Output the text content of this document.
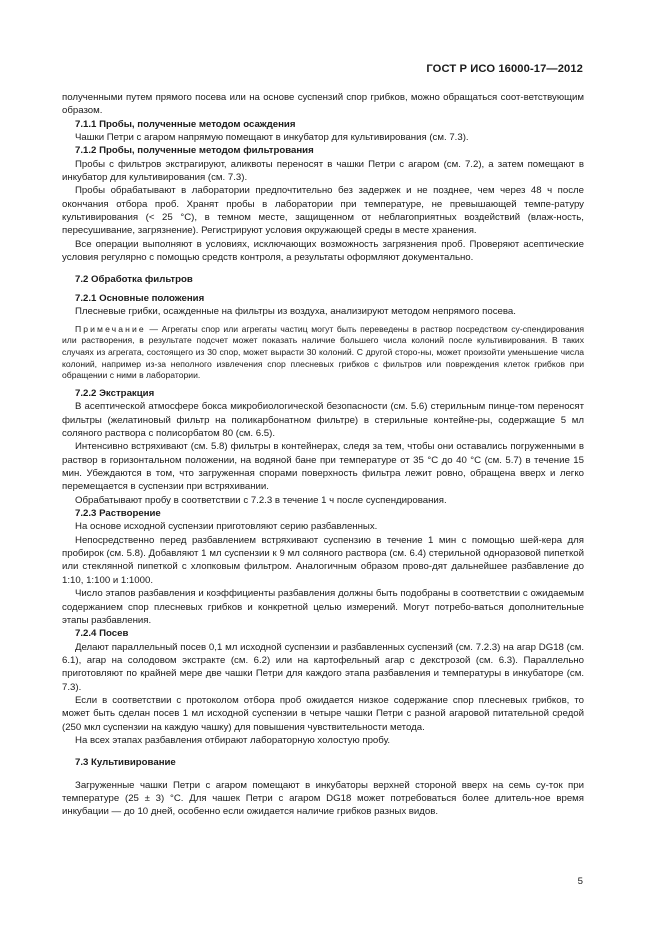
ГОСТ Р ИСО 16000-17—2012

полученными путем прямого посева или на основе суспензий спор грибков, можно обращаться соот-ветствующим образом.

7.1.1 Пробы, полученные методом осаждения

Чашки Петри с агаром напрямую помещают в инкубатор для культивирования (см. 7.3).

7.1.2 Пробы, полученные методом фильтрования

Пробы с фильтров экстрагируют, аликвоты переносят в чашки Петри с агаром (см. 7.2), а затем помещают в инкубатор для культивирования (см. 7.3).

Пробы обрабатывают в лаборатории предпочтительно без задержек и не позднее, чем через 48 ч после окончания отбора проб. Хранят пробы в лаборатории при температуре, не превышающей темпе-ратуру культивирования (< 25 °С), в темном месте, защищенном от неблагоприятных воздействий (влаж-ность, пересушивание, загрязнение). Регистрируют условия окружающей среды в месте хранения.

Все операции выполняют в условиях, исключающих возможность загрязнения проб. Проверяют асептические условия регулярно с помощью средств контроля, а результаты оформляют документально.

7.2 Обработка фильтров
7.2.1 Основные положения

Плесневые грибки, осажденные на фильтры из воздуха, анализируют методом непрямого посева.

Примечание — Агрегаты спор или агрегаты частиц могут быть переведены в раствор посредством су-спендирования или растворения, в результате подсчет может показать наличие большего числа колоний после культивирования. В таких случаях из агрегата, состоящего из 30 спор, может вырасти 30 колоний. С другой сторо-ны, может произойти уменьшение числа колоний, например из-за неполного извлечения спор плесневых грибков с фильтров или повреждения клеток грибков при обращении с ними в лаборатории.

7.2.2 Экстракция

В асептической атмосфере бокса микробиологической безопасности (см. 5.6) стерильным пинце-том переносят фильтры (желатиновый фильтр на поликарбонатном фильтре) в стерильные контейне-ры, содержащие 5 мл соляного раствора с полисорбатом 80 (см. 6.5).

Интенсивно встряхивают (см. 5.8) фильтры в контейнерах, следя за тем, чтобы они оставались погруженными в раствор в горизонтальном положении, на водяной бане при температуре от 35 °С до 40 °С (см. 5.7) в течение 15 мин. Убеждаются в том, что загруженная спорами поверхность фильтра лежит ровно, обращена вверх и легко перемещается в суспензии при встряхивании.

Обрабатывают пробу в соответствии с 7.2.3 в течение 1 ч после суспендирования.

7.2.3 Растворение

На основе исходной суспензии приготовляют серию разбавленных.

Непосредственно перед разбавлением встряхивают суспензию в течение 1 мин с помощью шей-кера для пробирок (см. 5.8). Добавляют 1 мл суспензии к 9 мл соляного раствора (см. 6.4) стерильной одноразовой пипеткой или стеклянной пипеткой с хлопковым фильтром. Аналогичным образом прово-дят дальнейшее разбавление до 1:10, 1:100 и 1:1000.

Число этапов разбавления и коэффициенты разбавления должны быть подобраны в соответствии с ожидаемым содержанием спор плесневых грибков и конкретной целью измерений. Могут потребо-ваться дополнительные этапы разбавления.

7.2.4 Посев

Делают параллельный посев 0,1 мл исходной суспензии и разбавленных суспензий (см. 7.2.3) на агар DG18 (см. 6.1), агар на солодовом экстракте (см. 6.2) или на картофельный агар с декстрозой (см. 6.3). Параллельно приготовляют по крайней мере две чашки Петри для каждого этапа разбавления и температуры в инкубаторе (см. 7.3).

Если в соответствии с протоколом отбора проб ожидается низкое содержание спор плесневых грибков, то может быть сделан посев 1 мл исходной суспензии в четыре чашки Петри с разной агаровой питательной средой (250 мкл суспензии на каждую чашку) для повышения чувствительности метода.

На всех этапах разбавления отбирают лабораторную холостую пробу.

7.3 Культивирование

Загруженные чашки Петри с агаром помещают в инкубаторы верхней стороной вверх на семь су-ток при температуре (25 ± 3) °С. Для чашек Петри с агаром DG18 может потребоваться более длитель-ное время инкубации — до 10 дней, особенно если ожидается наличие грибков разных видов.

5
